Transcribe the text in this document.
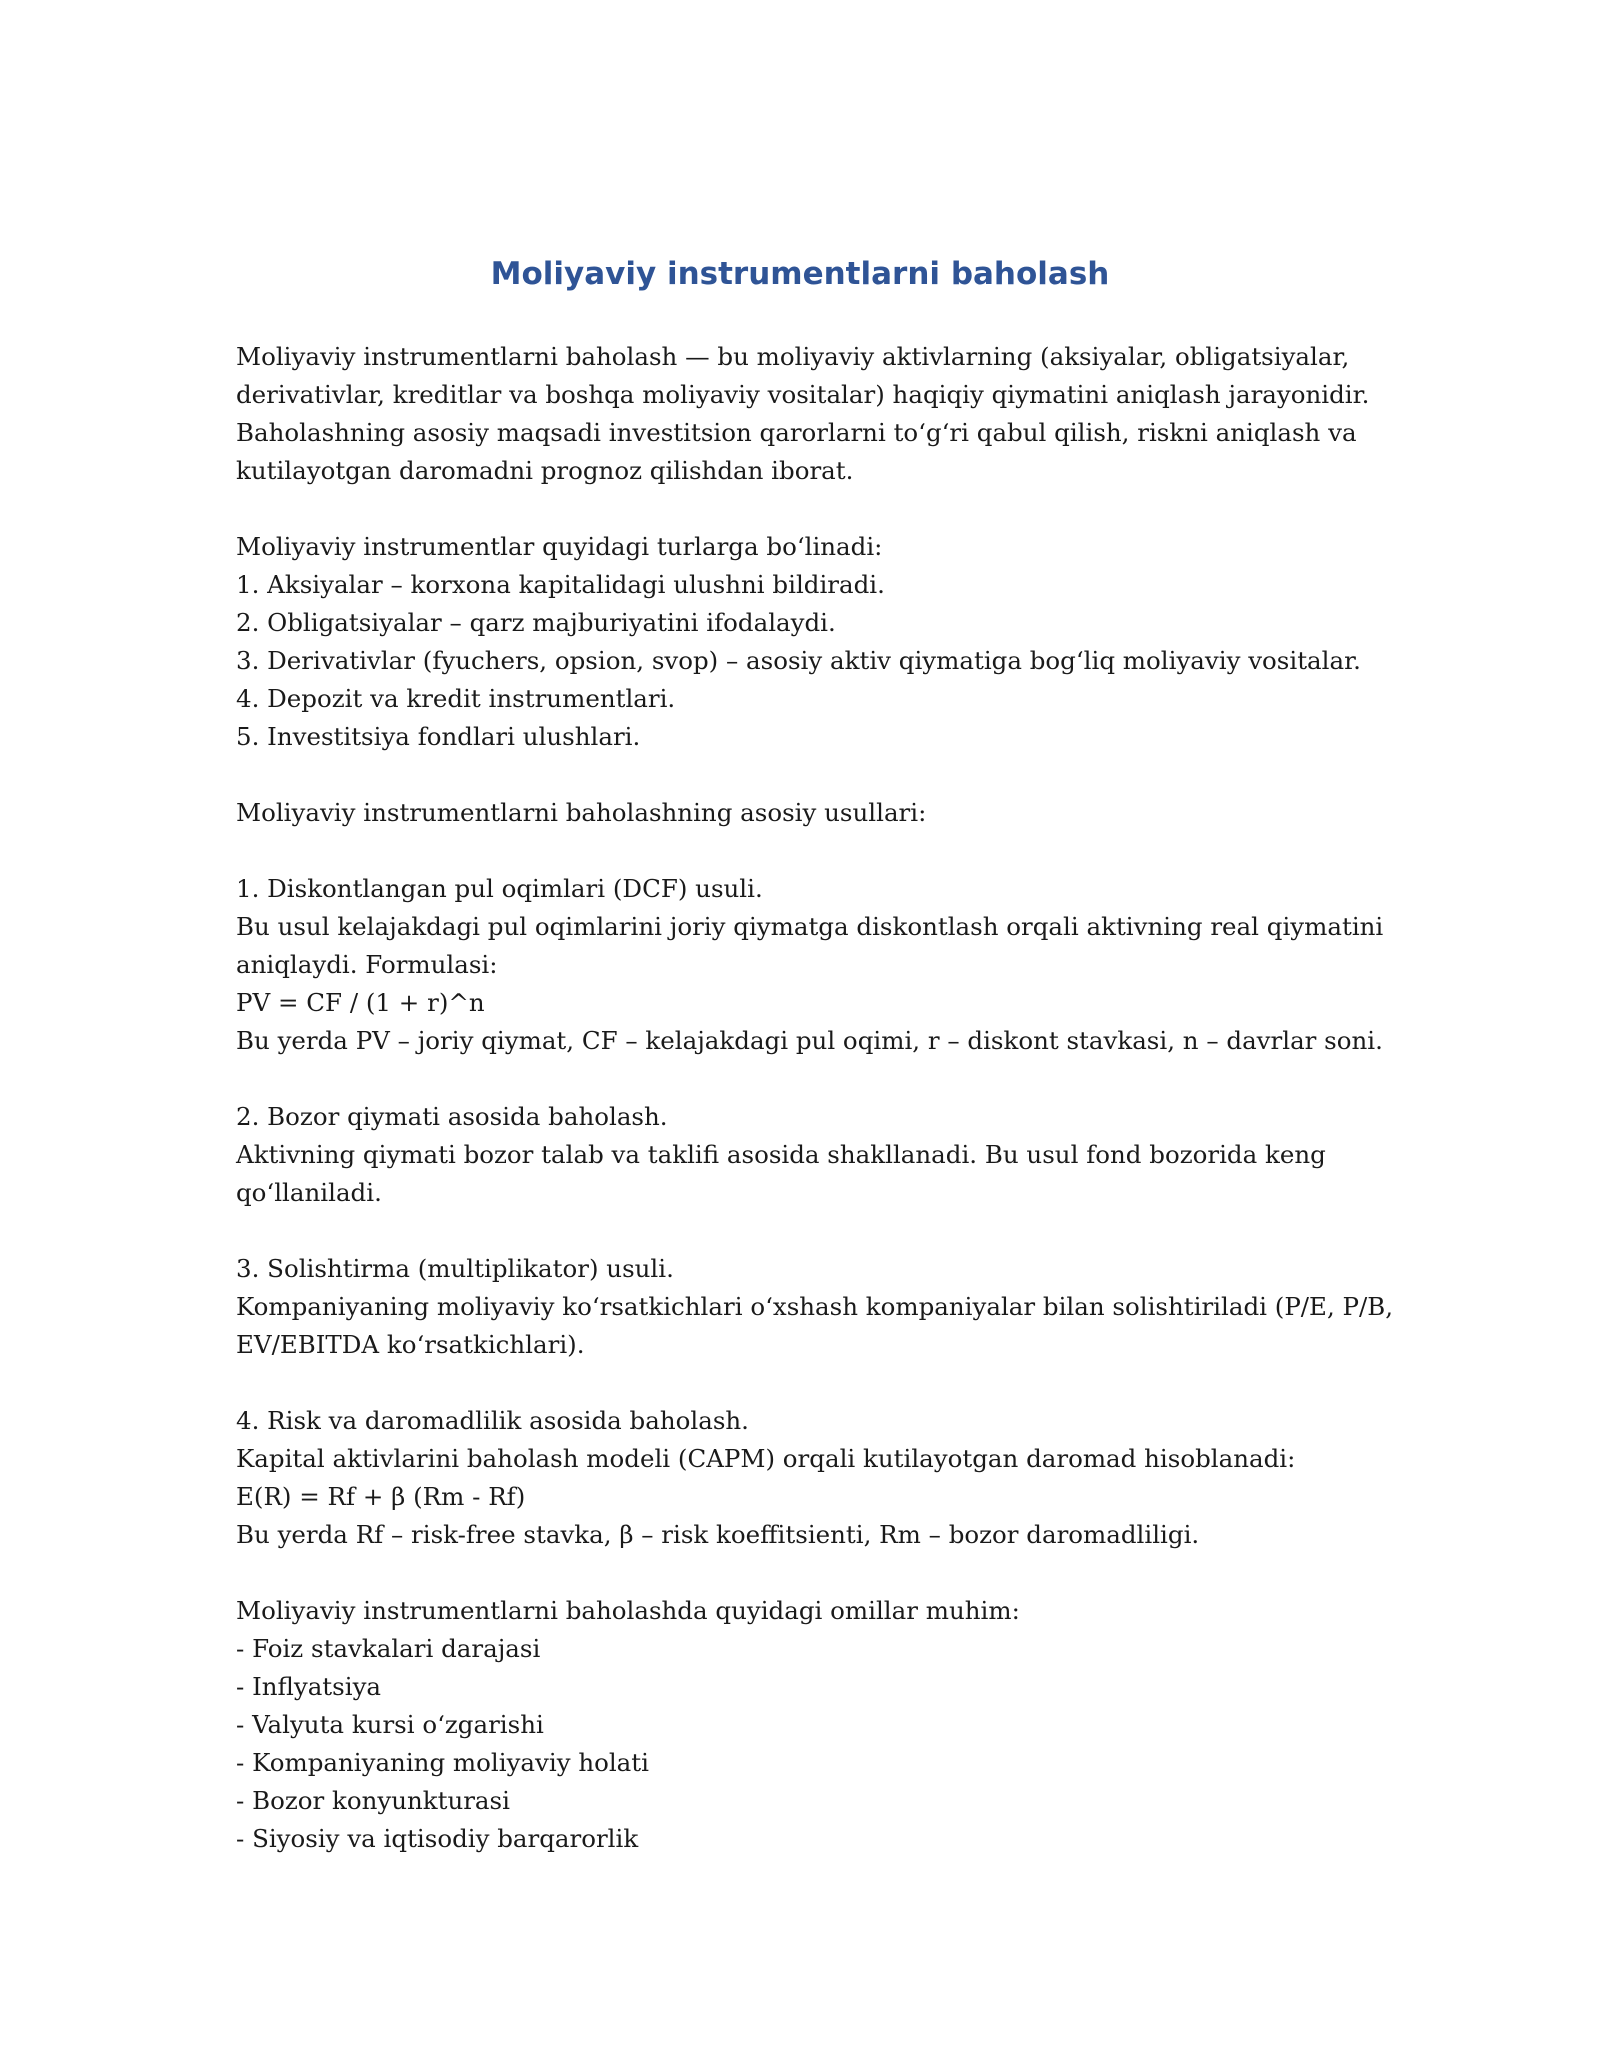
Moliyaviy instrumentlarni baholash
Moliyaviy instrumentlarni baholash — bu moliyaviy aktivlarning (aksiyalar, obligatsiyalar,
derivativlar, kreditlar va boshqa moliyaviy vositalar) haqiqiy qiymatini aniqlash jarayonidir.
Baholashning asosiy maqsadi investitsion qarorlarni to‘g‘ri qabul qilish, riskni aniqlash va
kutilayotgan daromadni prognoz qilishdan iborat.
Moliyaviy instrumentlar quyidagi turlarga bo‘linadi:
1. Aksiyalar – korxona kapitalidagi ulushni bildiradi.
2. Obligatsiyalar – qarz majburiyatini ifodalaydi.
3. Derivativlar (fyuchers, opsion, svop) – asosiy aktiv qiymatiga bog‘liq moliyaviy vositalar.
4. Depozit va kredit instrumentlari.
5. Investitsiya fondlari ulushlari.
Moliyaviy instrumentlarni baholashning asosiy usullari:
1. Diskontlangan pul oqimlari (DCF) usuli.
Bu usul kelajakdagi pul oqimlarini joriy qiymatga diskontlash orqali aktivning real qiymatini
aniqlaydi. Formulasi:
PV = CF / (1 + r)^n
Bu yerda PV – joriy qiymat, CF – kelajakdagi pul oqimi, r – diskont stavkasi, n – davrlar soni.
2. Bozor qiymati asosida baholash.
Aktivning qiymati bozor talab va taklifi asosida shakllanadi. Bu usul fond bozorida keng
qo‘llaniladi.
3. Solishtirma (multiplikator) usuli.
Kompaniyaning moliyaviy ko‘rsatkichlari o‘xshash kompaniyalar bilan solishtiriladi (P/E, P/B,
EV/EBITDA ko‘rsatkichlari).
4. Risk va daromadlilik asosida baholash.
Kapital aktivlarini baholash modeli (CAPM) orqali kutilayotgan daromad hisoblanadi:
E(R) = Rf + β (Rm - Rf)
Bu yerda Rf – risk-free stavka, β – risk koeffitsienti, Rm – bozor daromadliligi.
Moliyaviy instrumentlarni baholashda quyidagi omillar muhim:
- Foiz stavkalari darajasi
- Inflyatsiya
- Valyuta kursi o‘zgarishi
- Kompaniyaning moliyaviy holati
- Bozor konyunkturasi
- Siyosiy va iqtisodiy barqarorlik
